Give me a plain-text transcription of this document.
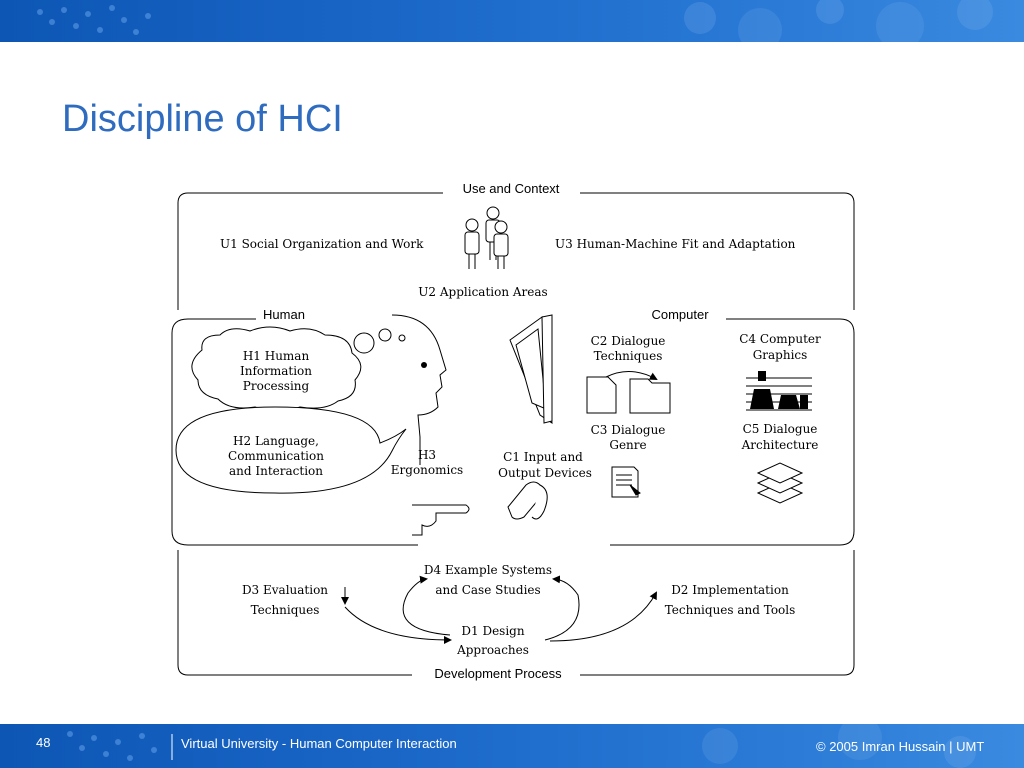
Discipline of HCI
Use and Context
U1 Social Organization and Work	U3 Human-Machine Fit and Adaptation
U2 Application Areas
Human
H1 Human
Information
Processing
H2 Language,
Communication
and Interaction
H3
Ergonomics
Computer
C2 Dialogue
Techniques
C4 Computer
Graphics
C3 Dialogue
Genre
C5 Dialogue
Architecture
C1 Input and
Output Devices
Development Process
D4 Example Systems
and Case Studies
D3 Evaluation
Techniques
D2 Implementation
Techniques and Tools
D1 Design
Approaches
48	Virtual University - Human Computer Interaction	© 2005 Imran Hussain | UMT
